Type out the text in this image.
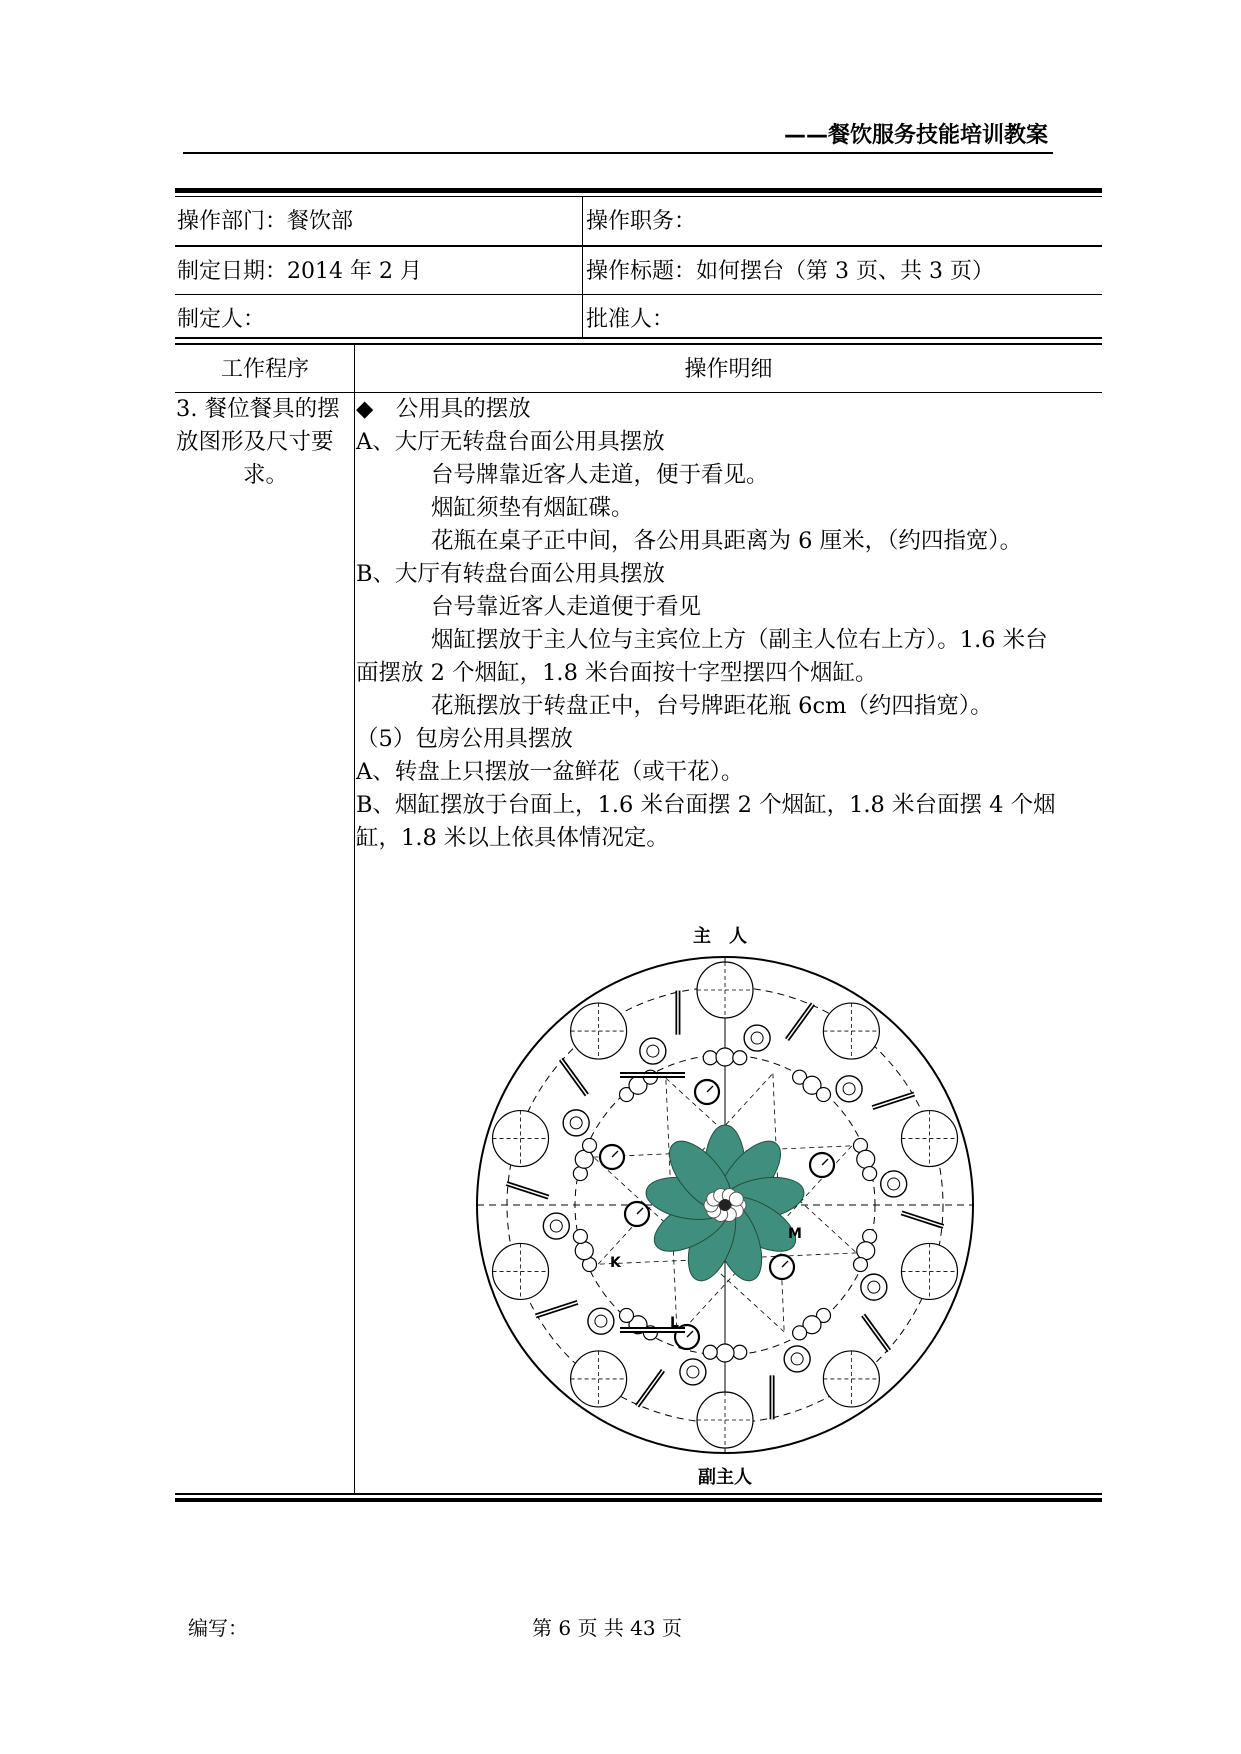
——餐饮服务技能培训教案
操作部门：餐饮部	操作职务：
制定日期：2014 年 2 月	操作标题：如何摆台（第 3 页、共 3 页）
制定人：	批准人：
工作程序	操作明细
3. 餐位餐具的摆
放图形及尺寸要
求。

◆　公用具的摆放

A、大厅无转盘台面公用具摆放

台号牌靠近客人走道，便于看见。

烟缸须垫有烟缸碟。

花瓶在桌子正中间，各公用具距离为 6 厘米，（约四指宽）。

B、大厅有转盘台面公用具摆放

台号靠近客人走道便于看见

烟缸摆放于主人位与主宾位上方（副主人位右上方）。1.6 米台

面摆放 2 个烟缸，1.8 米台面按十字型摆四个烟缸。

花瓶摆放于转盘正中，台号牌距花瓶 6cm（约四指宽）。

（5）包房公用具摆放

A、转盘上只摆放一盆鲜花（或干花）。

B、烟缸摆放于台面上，1.6 米台面摆 2 个烟缸，1.8 米台面摆 4 个烟

缸，1.8 米以上依具体情况定。

主　人
副主人
K
L
M
编写：	第 6 页 共 43 页
